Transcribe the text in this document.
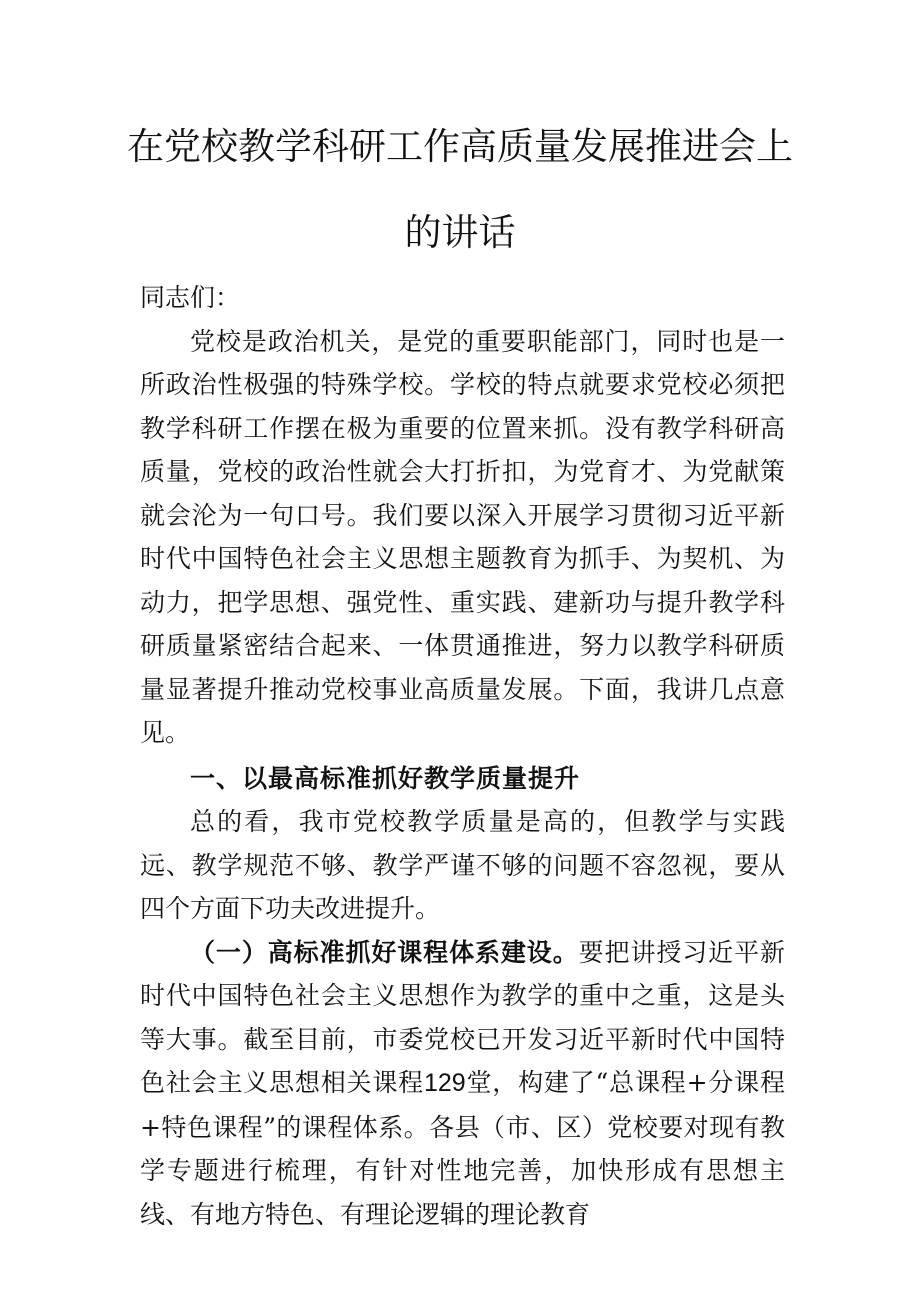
在党校教学科研工作高质量发展推进会上
的讲话

同志们：

党校是政治机关，是党的重要职能部门，同时也是一所政治性极强的特殊学校。学校的特点就要求党校必须把教学科研工作摆在极为重要的位置来抓。没有教学科研高质量，党校的政治性就会大打折扣，为党育才、为党献策就会沦为一句口号。我们要以深入开展学习贯彻习近平新时代中国特色社会主义思想主题教育为抓手、为契机、为动力，把学思想、强党性、重实践、建新功与提升教学科研质量紧密结合起来、一体贯通推进，努力以教学科研质量显著提升推动党校事业高质量发展。下面，我讲几点意见。

一、以最高标准抓好教学质量提升

总的看，我市党校教学质量是高的，但教学与实践远、教学规范不够、教学严谨不够的问题不容忽视，要从四个方面下功夫改进提升。

（一）高标准抓好课程体系建设。要把讲授习近平新时代中国特色社会主义思想作为教学的重中之重，这是头等大事。截至目前，市委党校已开发习近平新时代中国特色社会主义思想相关课程129堂，构建了“总课程+分课程+特色课程”的课程体系。各县（市、区）党校要对现有教学专题进行梳理，有针对性地完善，加快形成有思想主线、有地方特色、有理论逻辑的理论教育
